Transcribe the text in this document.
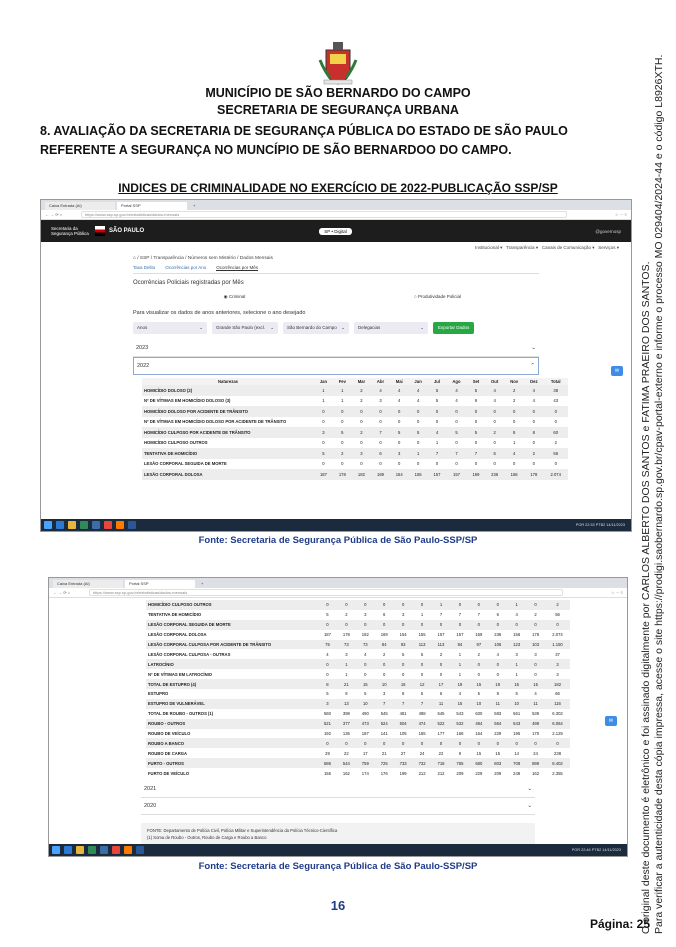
MUNICÍPIO DE SÃO BERNARDO DO CAMPO
SECRETARIA DE SEGURANÇA URBANA
8. AVALIAÇÃO DA SECRETARIA DE SEGURANÇA PÚBLICA DO ESTADO DE SÃO PAULO REFERENTE A SEGURANÇA NO MUNCÍPIO DE SÃO BERNARDOO DO CAMPO.
INDICES DE CRIMINALIDADE NO EXERCÍCIO DE 2022-PUBLICAÇÃO SSP/SP
Caixa Entrada (Al)	Portal SSP	+
← → ⟳ ⌂	https://www.ssp.sp.gov.br/estatisticas/dados-mensais	☆ ⋯ ≡
Secretaria da Segurança Pública	SÃO PAULO	SP • Digital	@governosp
Institucional ▾ Transparência ▾ Canais de Comunicação ▾ Serviços ▾
⌂ / SSP / Transparência / Números sem Mistério / Dados Mensais
Taxa Delito Ocorrências por Ano Ocorrências por Mês
Ocorrências Policiais registradas por Mês
◉ Criminal	○ Produtividade Policial
Para visualizar os dados de anos anteriores, selecione o ano desejado
Anos	⌄	Grande São Paulo (excl. ⌄	São Bernardo do Campo ⌄	Delegacias	⌄	Exportar Dados
2023	⌄
2022	⌃
Naturezas	Jan	Fev	Mar	Abr	Mai	Jun	Jul	Ago	Set	Out	Nov	Dez	Total
HOMICÍDIO DOLOSO (2)	1	1	2	4	4	4	5	4	5	4	2	4	38
Nº DE VÍTIMAS EM HOMICÍDIO DOLOSO (3)	1	1	2	3	4	4	5	4	9	4	2	4	43
HOMICÍDIO DOLOSO POR ACIDENTE DE TRÂNSITO	0	0	0	0	0	0	0	0	0	0	0	0	0
Nº DE VÍTIMAS EM HOMICÍDIO DOLOSO POR ACIDENTE DE TRÂNSITO	0	0	0	0	0	0	0	0	0	0	0	0	0
HOMICÍDIO CULPOSO POR ACIDENTE DE TRÂNSITO	3	5	2	7	5	5	4	5	5	2	8	8	60
HOMICÍDIO CULPOSO OUTROS	0	0	0	0	0	0	1	0	0	0	1	0	2
TENTATIVA DE HOMICÍDIO	5	2	3	6	3	1	7	7	7	6	4	2	56
LESÃO CORPORAL SEGUIDA DE MORTE	0	0	0	0	0	0	0	0	0	0	0	0	0
LESÃO CORPORAL DOLOSA	187	178	182	169	154	155	157	157	169	236	156	178	2.074
✉
POR 22:33 PTB2 14/11/2023
Fonte: Secretaria de Segurança Pública de São Paulo-SSP/SP
Caixa Entrada (Al)	Portal SSP	+
← → ⟳ ⌂	https://www.ssp.sp.gov.br/estatisticas/dados-mensais	☆ ⋯ ≡
HOMICÍDIO CULPOSO OUTROS	0	0	0	0	0	0	1	0	0	0	1	0	2
TENTATIVA DE HOMICÍDIO	5	2	3	6	3	1	7	7	7	6	4	2	56
LESÃO CORPORAL SEGUIDA DE MORTE	0	0	0	0	0	0	0	0	0	0	0	0	0
LESÃO CORPORAL DOLOSA	187	178	182	169	154	155	157	157	169	236	156	178	2.074
LESÃO CORPORAL CULPOSA POR ACIDENTE DE TRÂNSITO	75	73	73	84	93	113	113	84	97	106	123	103	1.150
LESÃO CORPORAL CULPOSA - OUTRAS	4	3	4	2	5	5	2	1	2	4	3	3	37
LATROCÍNIO	0	1	0	0	0	0	0	1	0	0	1	0	3
Nº DE VÍTIMAS EM LATROCÍNIO	0	1	0	0	0	0	0	1	0	0	1	0	3
TOTAL DE ESTUPRO (4)	8	21	15	10	15	12	17	19	15	19	15	15	182
ESTUPRO	5	8	5	3	8	5	6	4	5	8	5	4	66
ESTUPRO DE VULNERÁVEL	3	13	10	7	7	7	11	15	10	11	10	11	116
TOTAL DE ROUBO - OUTROS (1)	560	398	490	545	481	498	545	543	630	583	561	539	6.302
ROUBO - OUTROS	521	377	473	524	504	474	522	532	484	564	543	499	6.064
ROUBO DE VEÍCULO	192	136	187	141	105	165	177	166	164	229	195	170	2.129
ROUBO A BANCO	0	0	0	0	0	0	0	0	0	0	0	0	0
ROUBO DE CARGA	29	22	17	21	27	24	22	9	15	15	14	24	238
FURTO - OUTROS	586	544	759	725	733	732	718	765	680	803	708	899	8.402
FURTO DE VEÍCULO	156	162	174	176	199	212	212	209	229	209	248	162	2.355
2021	⌄
2020	⌄
FONTE: Departamento de Polícia Civil, Polícia Militar e Superintendência da Polícia Técnico-Científica
(1) Soma de Roubo - Outros, Roubo de Carga e Roubo a Banco
✉
POR 22:46 PTB2 14/11/2023
Fonte: Secretaria de Segurança Pública de São Paulo-SSP/SP
16
Página: 25
O original deste documento é eletrônico e foi assinado digitalmente por CARLOS ALBERTO DOS SANTOS e FATIMA PRAEIRO DOS SANTOS. Para verificar a autenticidade desta cópia impressa, acesse o site https://prodigi.saobernardo.sp.gov.br/cpav-portal-externo e informe o processo MO 029404/2024-44 e o código L8926XTH.
